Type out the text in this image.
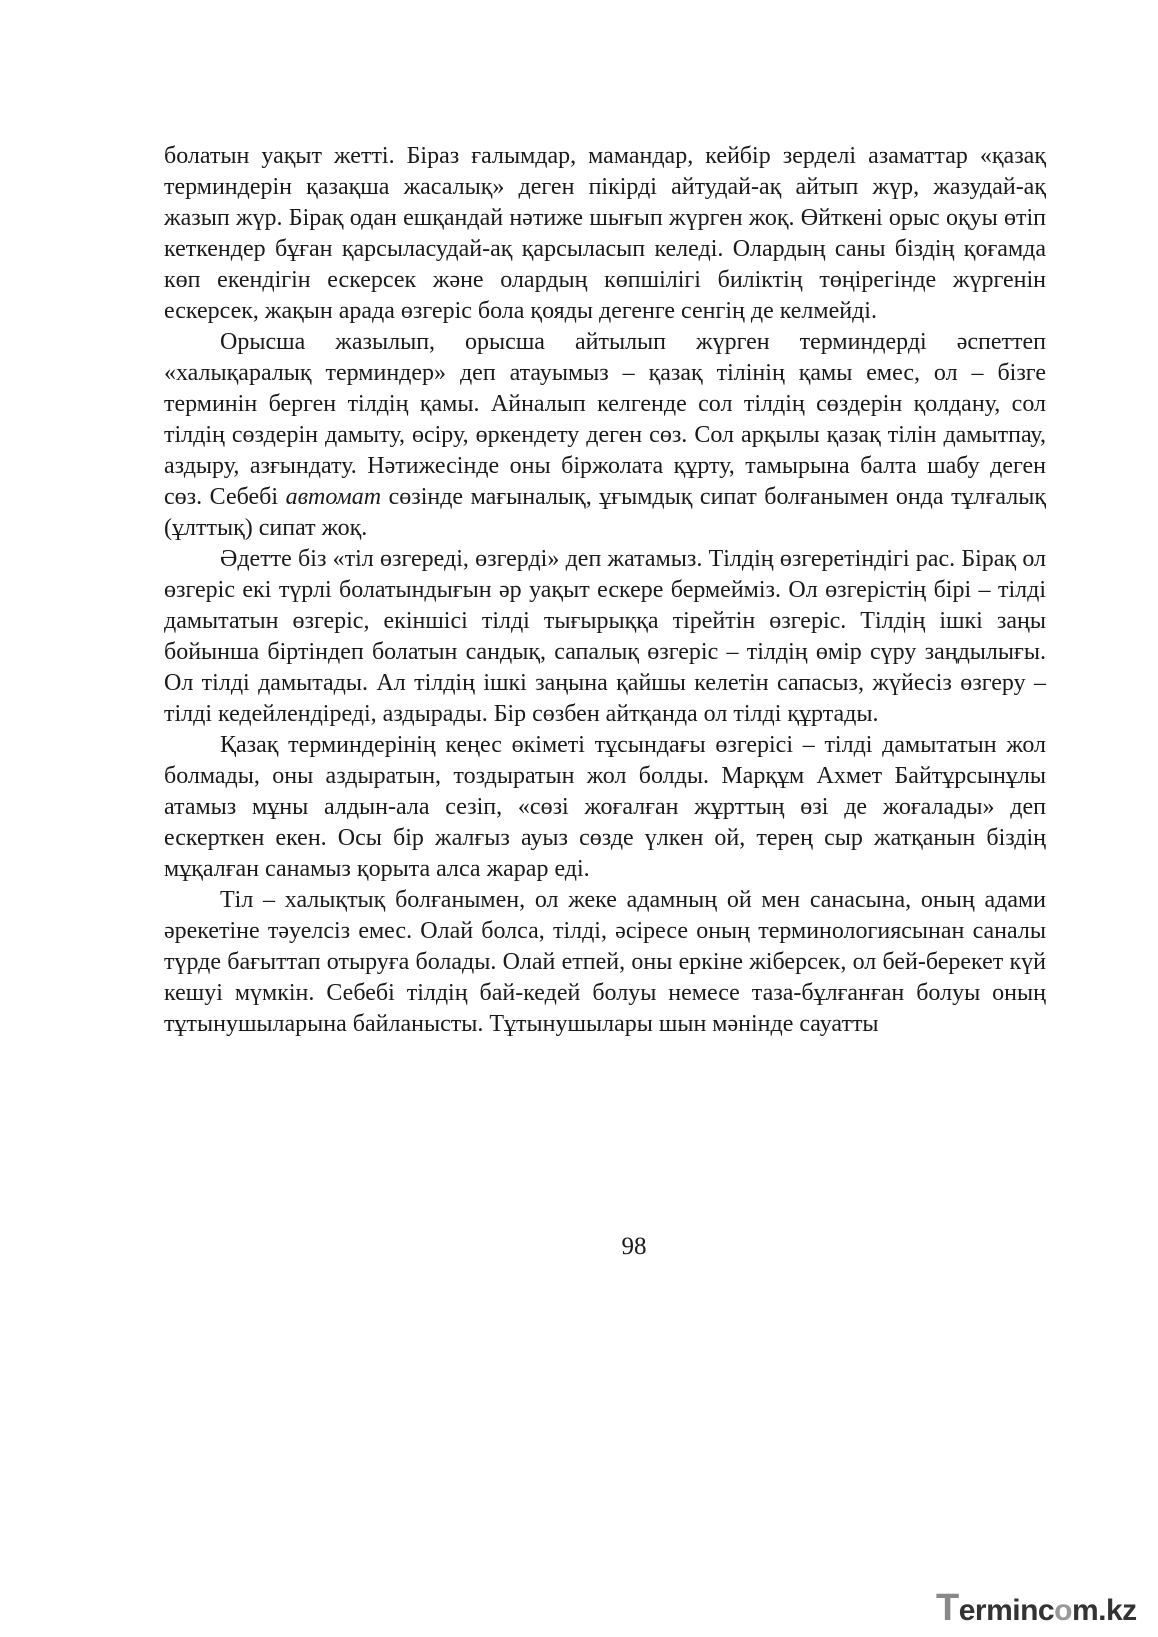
болатын уақыт жетті. Біраз ғалымдар, мамандар, кейбір зерделі азаматтар «қазақ терминдерін қазақша жасалық» деген пікірді айтудай-ақ айтып жүр, жазудай-ақ жазып жүр. Бірақ одан ешқандай нәтиже шығып жүрген жоқ. Өйткені орыс оқуы өтіп кеткендер бұған қарсыласудай-ақ қарсыласып келеді. Олардың саны біздің қоғамда көп екендігін ескерсек және олардың көпшілігі биліктің төңірегінде жүргенін ескерсек, жақын арада өзгеріс бола қояды дегенге сенгің де келмейді.

Орысша жазылып, орысша айтылып жүрген терминдерді әспеттеп «халықаралық терминдер» деп атауымыз – қазақ тілінің қамы емес, ол – бізге терминін берген тілдің қамы. Айналып келгенде сол тілдің сөздерін қолдану, сол тілдің сөздерін дамыту, өсіру, өркендету деген сөз. Сол арқылы қазақ тілін дамытпау, аздыру, азғындату. Нәтижесінде оны біржолата құрту, тамырына балта шабу деген сөз. Себебі автомат сөзінде мағыналық, ұғымдық сипат болғанымен онда тұлғалық (ұлттық) сипат жоқ.

Әдетте біз «тіл өзгереді, өзгерді» деп жатамыз. Тілдің өзгеретіндігі рас. Бірақ ол өзгеріс екі түрлі болатындығын әр уақыт ескере бермейміз. Ол өзгерістің бірі – тілді дамытатын өзгеріс, екіншісі тілді тығырыққа тірейтін өзгеріс. Тілдің ішкі заңы бойынша біртіндеп болатын сандық, сапалық өзгеріс – тілдің өмір сүру заңдылығы. Ол тілді дамытады. Ал тілдің ішкі заңына қайшы келетін сапасыз, жүйесіз өзгеру – тілді кедейлендіреді, аздырады. Бір сөзбен айтқанда ол тілді құртады.

Қазақ терминдерінің кеңес өкіметі тұсындағы өзгерісі – тілді дамытатын жол болмады, оны аздыратын, тоздыратын жол болды. Марқұм Ахмет Байтұрсынұлы атамыз мұны алдын-ала сезіп, «сөзі жоғалған жұрттың өзі де жоғалады» деп ескерткен екен. Осы бір жалғыз ауыз сөзде үлкен ой, терең сыр жатқанын біздің мұқалған санамыз қорыта алса жарар еді.

Тіл – халықтық болғанымен, ол жеке адамның ой мен санасына, оның адами әрекетіне тәуелсіз емес. Олай болса, тілді, әсіресе оның терминологиясынан саналы түрде бағыттап отыруға болады. Олай етпей, оны еркіне жіберсек, ол бей-берекет күй кешуі мүмкін. Себебі тілдің бай-кедей болуы немесе таза-бұлғанған болуы оның тұтынушыларына байланысты. Тұтынушылары шын мәнінде сауатты

98
Termincom.kz
